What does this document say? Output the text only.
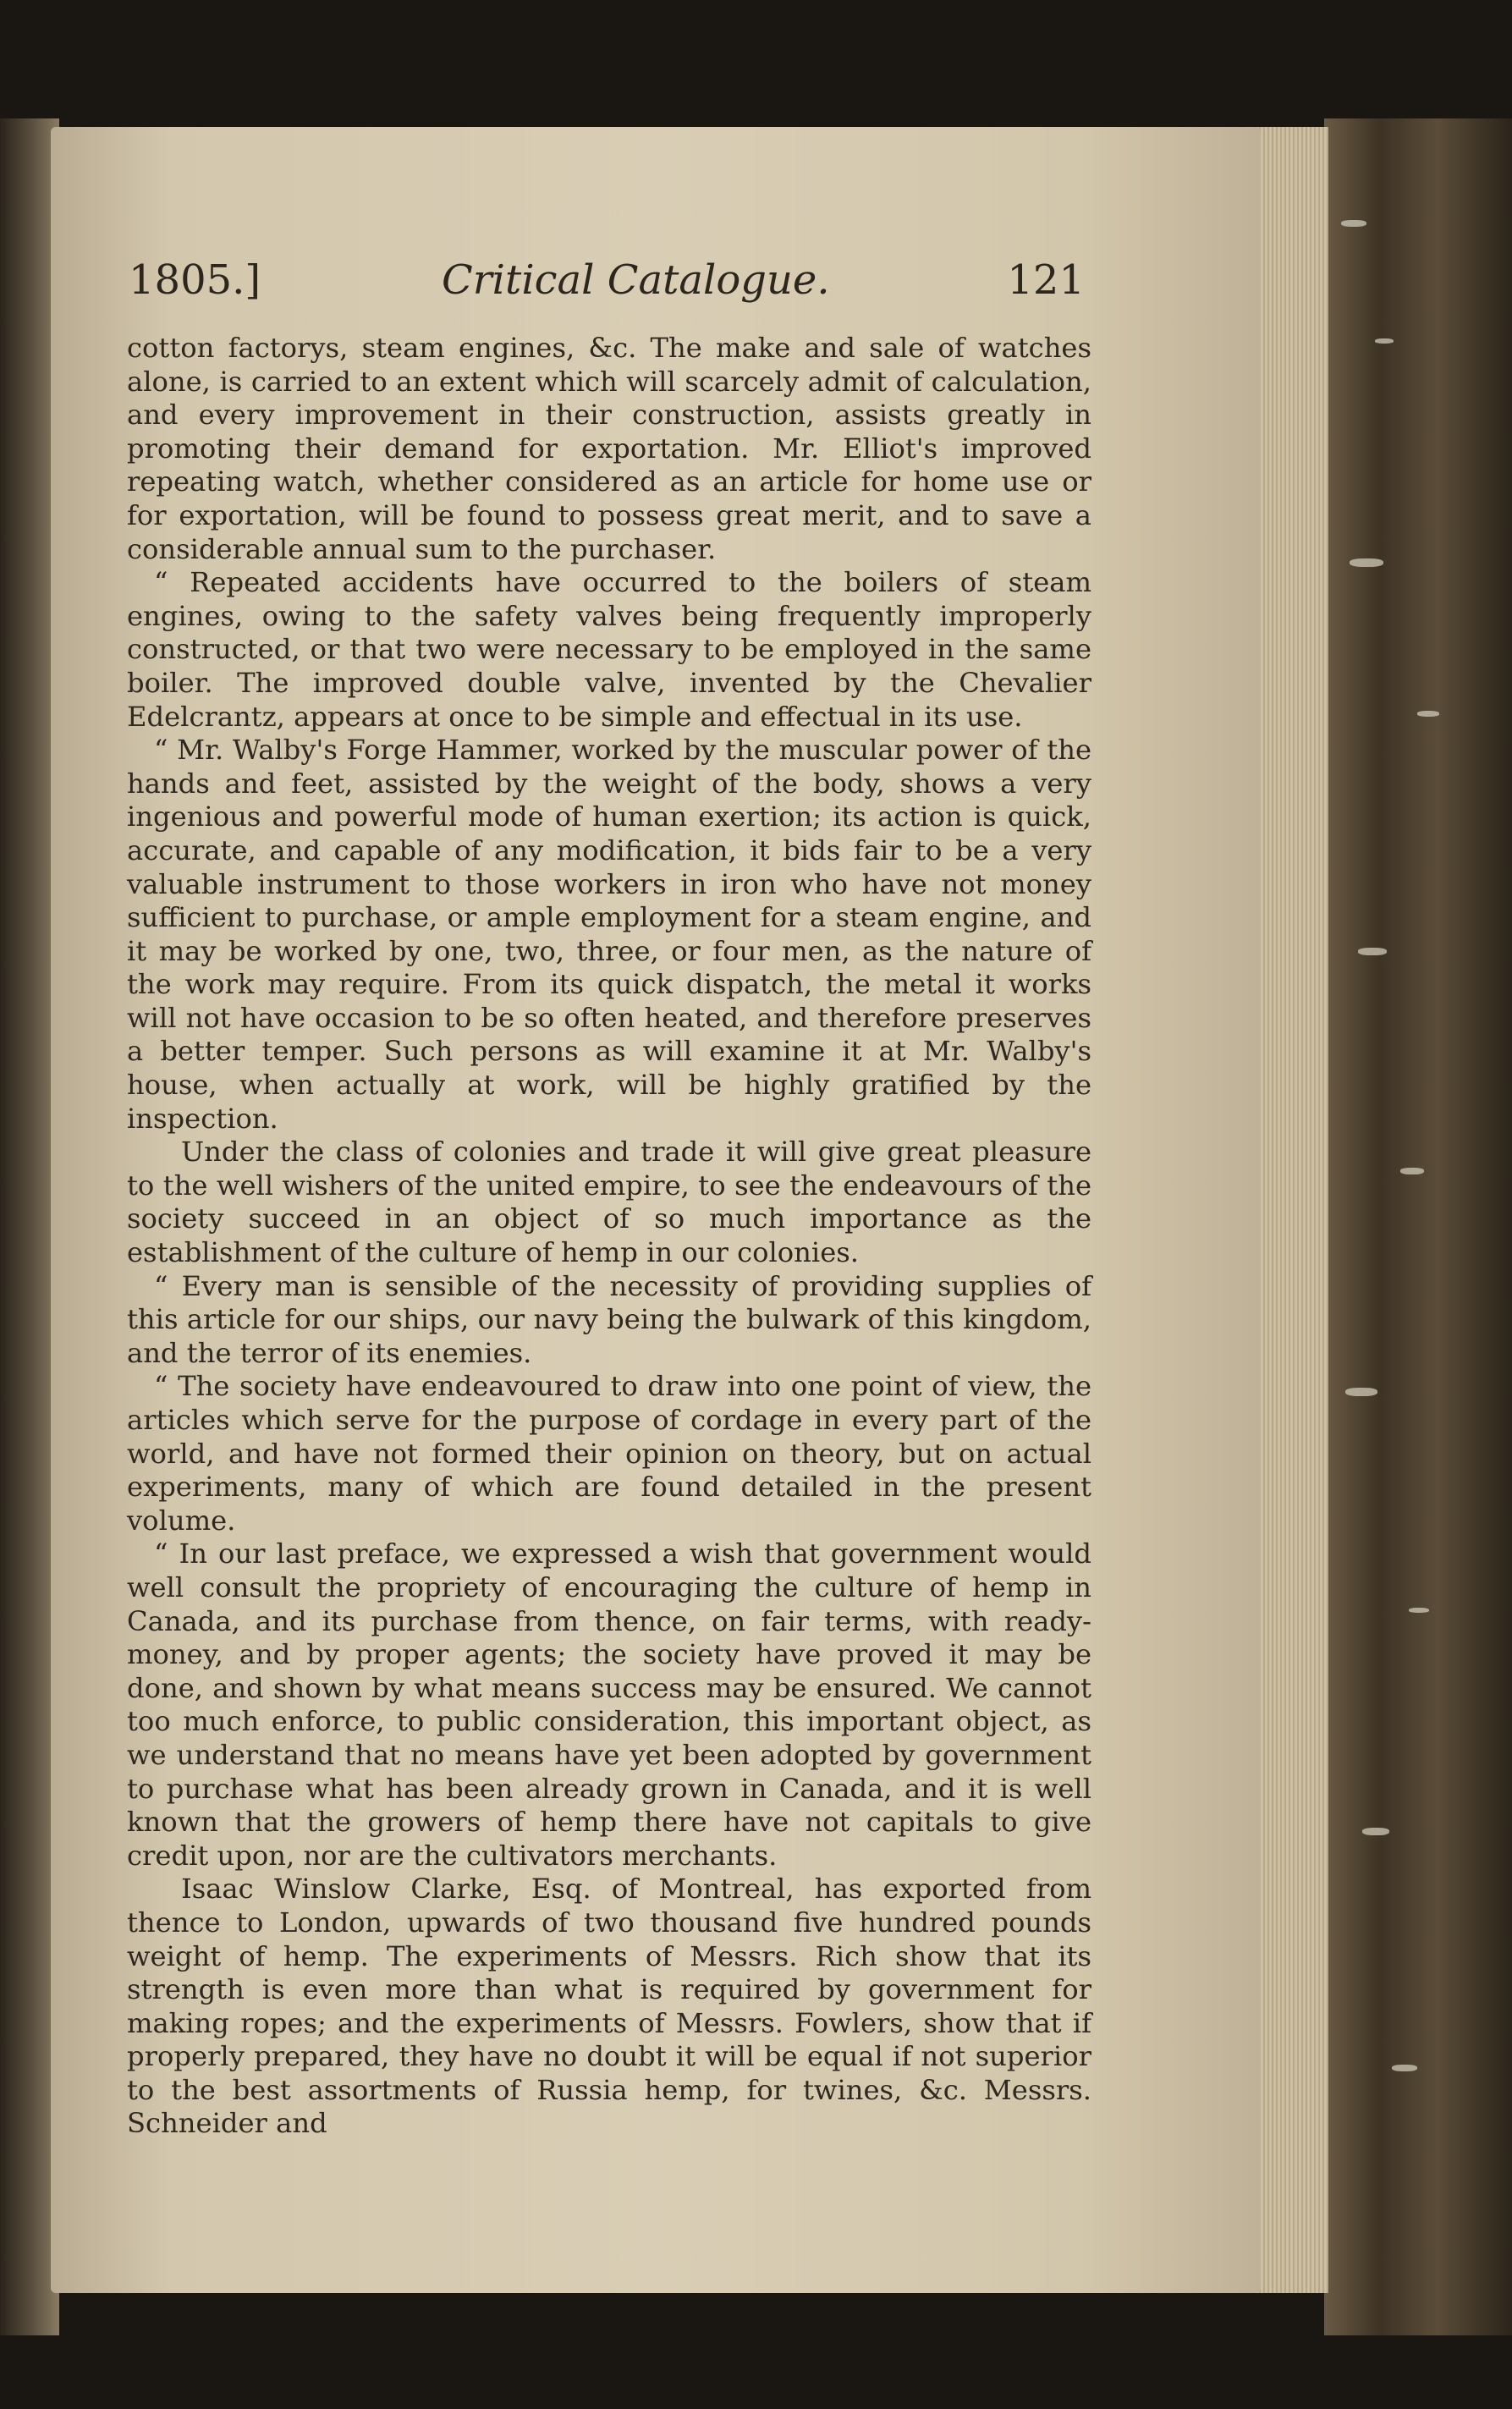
1805.]	Critical Catalogue.	121

cotton factorys, steam engines, &c. The make and sale of watches alone, is carried to an extent which will scarcely admit of calculation, and every improvement in their construction, assists greatly in promoting their demand for exportation. Mr. Elliot's improved repeating watch, whether considered as an article for home use or for exportation, will be found to possess great merit, and to save a considerable annual sum to the purchaser.

“ Repeated accidents have occurred to the boilers of steam engines, owing to the safety valves being frequently improperly constructed, or that two were necessary to be employed in the same boiler. The improved double valve, invented by the Chevalier Edelcrantz, appears at once to be simple and effectual in its use.

“ Mr. Walby's Forge Hammer, worked by the muscular power of the hands and feet, assisted by the weight of the body, shows a very ingenious and powerful mode of human exertion; its action is quick, accurate, and capable of any modification, it bids fair to be a very valuable instrument to those workers in iron who have not money sufficient to purchase, or ample employment for a steam engine, and it may be worked by one, two, three, or four men, as the nature of the work may require. From its quick dispatch, the metal it works will not have occasion to be so often heated, and therefore preserves a better temper. Such persons as will examine it at Mr. Walby's house, when actually at work, will be highly gratified by the inspection.

Under the class of colonies and trade it will give great pleasure to the well wishers of the united empire, to see the endeavours of the society succeed in an object of so much importance as the establishment of the culture of hemp in our colonies.

“ Every man is sensible of the necessity of providing supplies of this article for our ships, our navy being the bulwark of this kingdom, and the terror of its enemies.

“ The society have endeavoured to draw into one point of view, the articles which serve for the purpose of cordage in every part of the world, and have not formed their opinion on theory, but on actual experiments, many of which are found detailed in the present volume.

“ In our last preface, we expressed a wish that government would well consult the propriety of encouraging the culture of hemp in Canada, and its purchase from thence, on fair terms, with ready-money, and by proper agents; the society have proved it may be done, and shown by what means success may be ensured. We cannot too much enforce, to public consideration, this important object, as we understand that no means have yet been adopted by government to purchase what has been already grown in Canada, and it is well known that the growers of hemp there have not capitals to give credit upon, nor are the cultivators merchants.

Isaac Winslow Clarke, Esq. of Montreal, has exported from thence to London, upwards of two thousand five hundred pounds weight of hemp. The experiments of Messrs. Rich show that its strength is even more than what is required by government for making ropes; and the experiments of Messrs. Fowlers, show that if properly prepared, they have no doubt it will be equal if not superior to the best assortments of Russia hemp, for twines, &c. Messrs. Schneider and
